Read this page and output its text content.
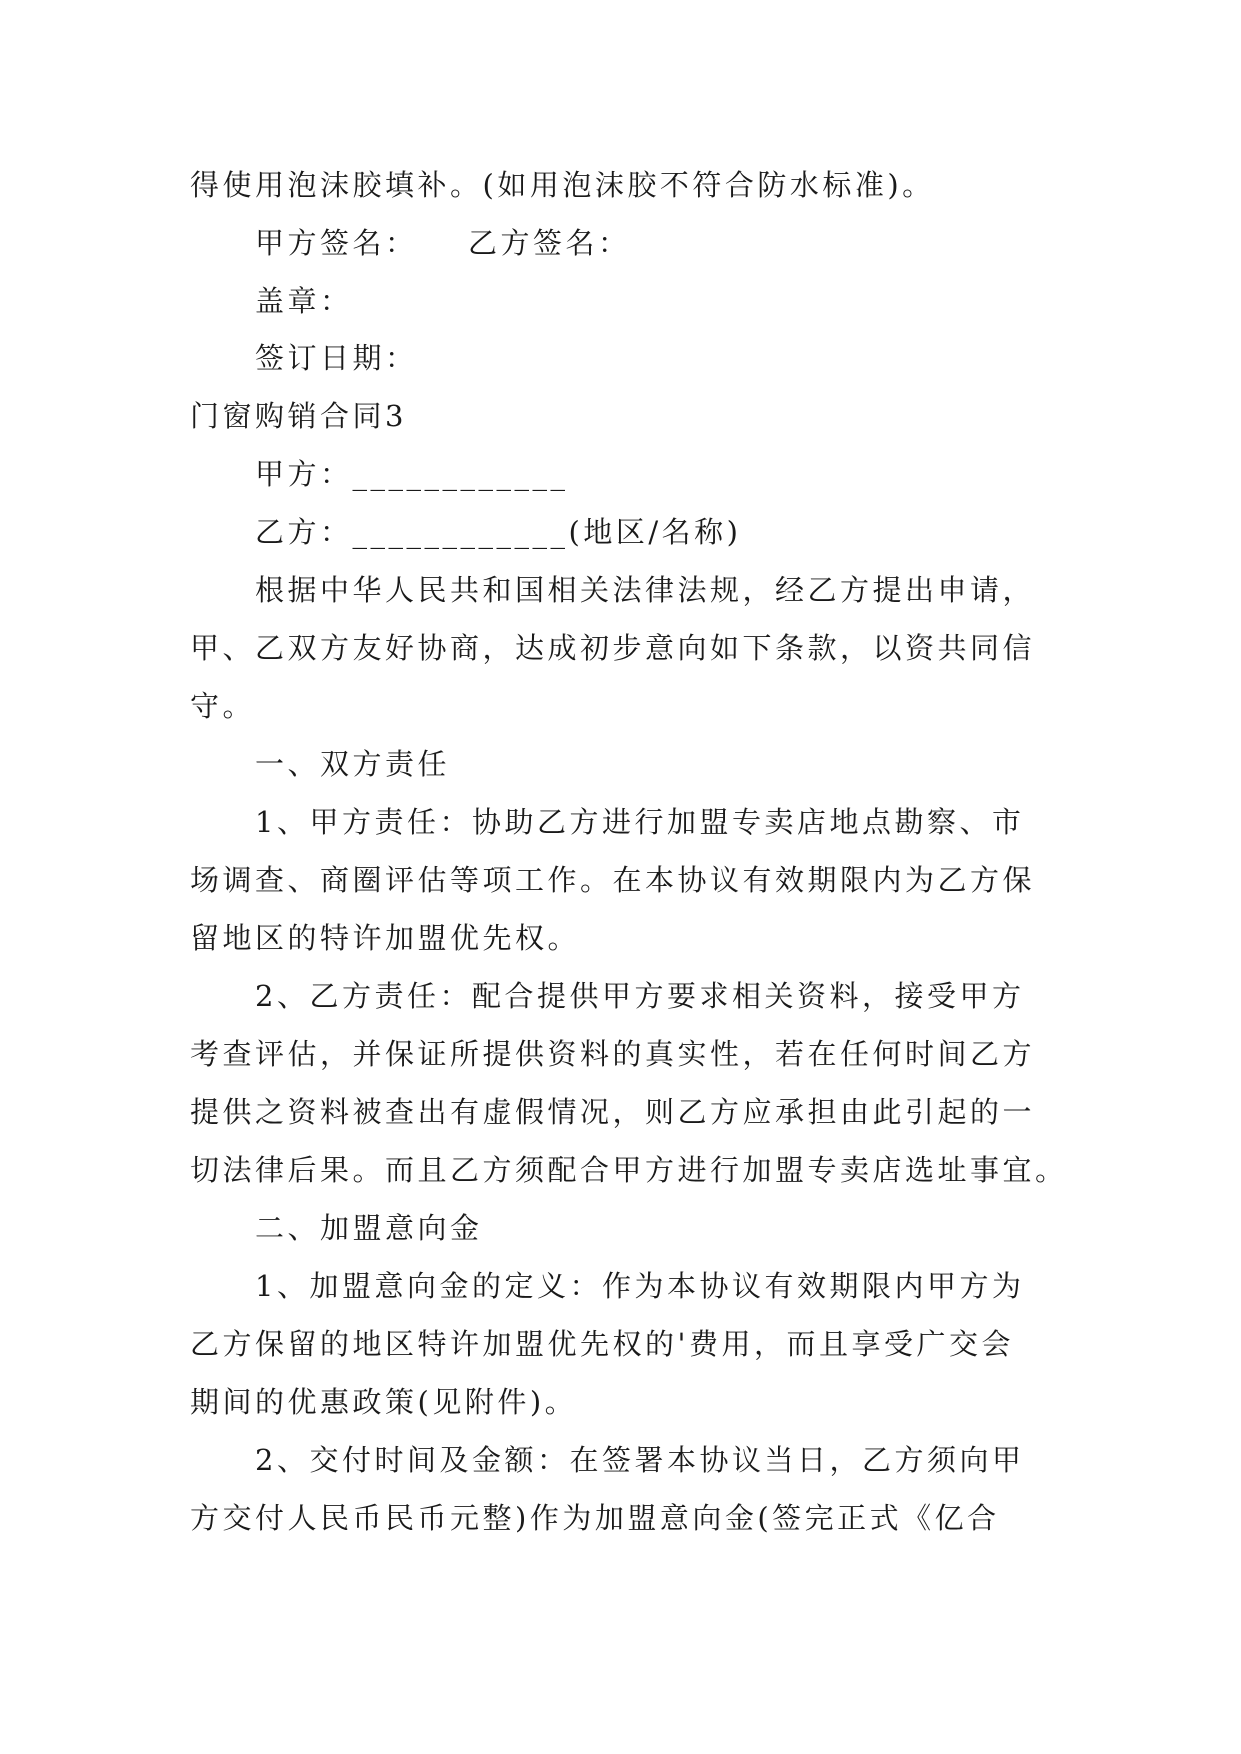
得使用泡沫胶填补。(如用泡沫胶不符合防水标准)。
甲方签名：　　乙方签名：
盖章：
签订日期：
门窗购销合同3
甲方：____________
乙方：____________(地区/名称)
根据中华人民共和国相关法律法规，经乙方提出申请，
甲、乙双方友好协商，达成初步意向如下条款，以资共同信
守。
一、双方责任
1、甲方责任：协助乙方进行加盟专卖店地点勘察、市
场调查、商圈评估等项工作。在本协议有效期限内为乙方保
留地区的特许加盟优先权。
2、乙方责任：配合提供甲方要求相关资料，接受甲方
考查评估，并保证所提供资料的真实性，若在任何时间乙方
提供之资料被查出有虚假情况，则乙方应承担由此引起的一
切法律后果。而且乙方须配合甲方进行加盟专卖店选址事宜。
二、加盟意向金
1、加盟意向金的定义：作为本协议有效期限内甲方为
乙方保留的地区特许加盟优先权的'费用，而且享受广交会
期间的优惠政策(见附件)。
2、交付时间及金额：在签署本协议当日，乙方须向甲
方交付人民币民币元整)作为加盟意向金(签完正式《亿合
